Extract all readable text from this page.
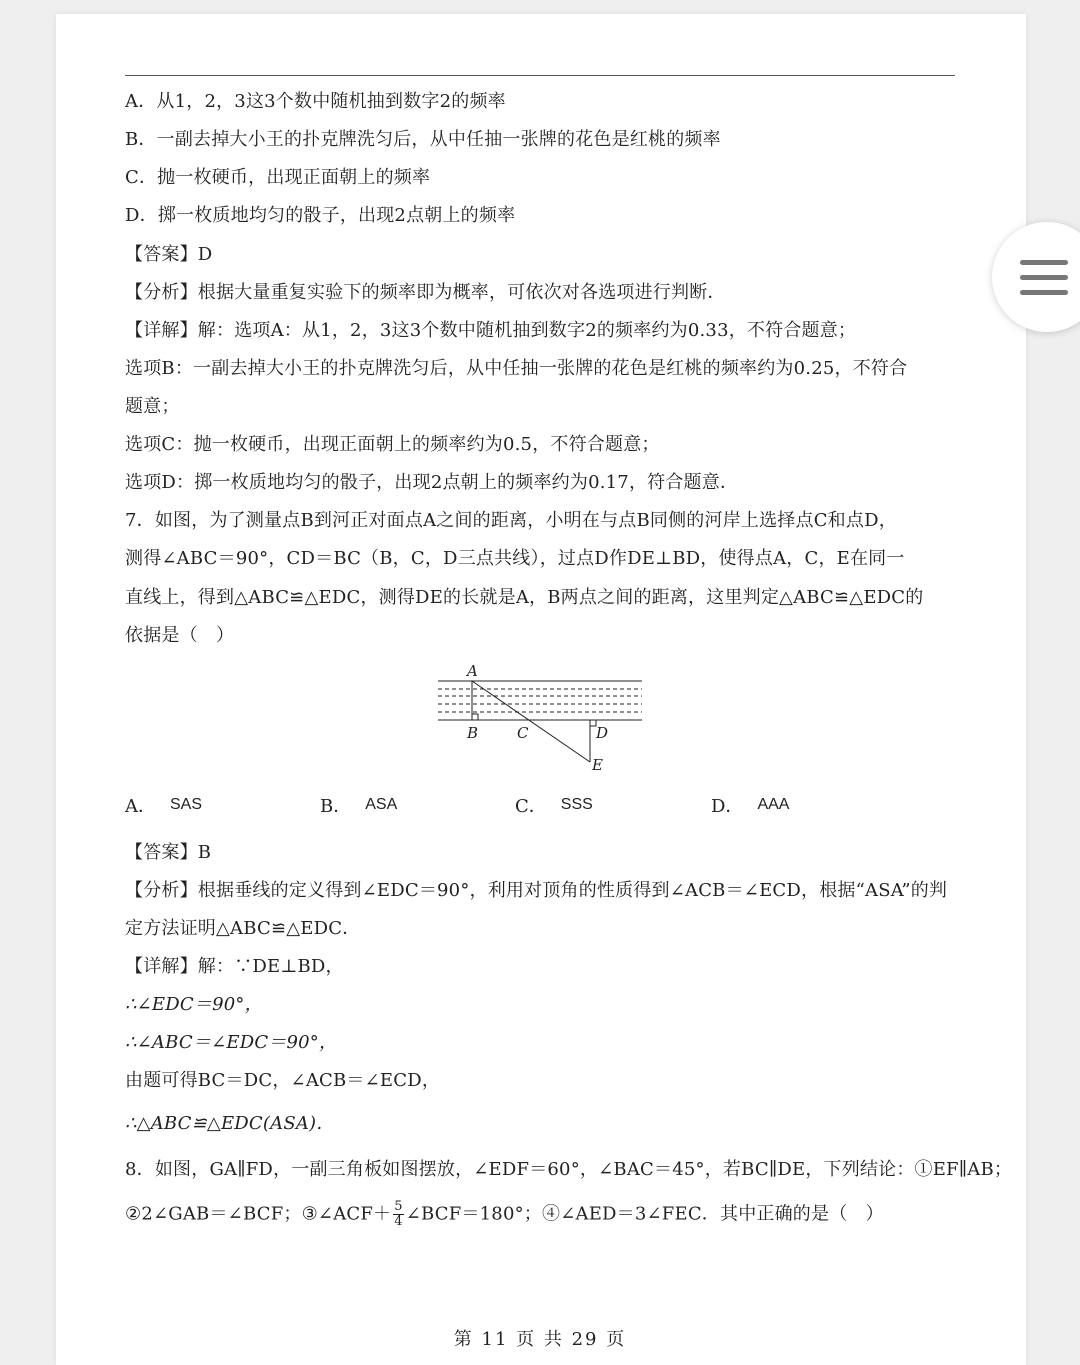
A．从1，2，3这3个数中随机抽到数字2的频率
B．一副去掉大小王的扑克牌洗匀后，从中任抽一张牌的花色是红桃的频率
C．抛一枚硬币，出现正面朝上的频率
D．掷一枚质地均匀的骰子，出现2点朝上的频率
【答案】D
【分析】根据大量重复实验下的频率即为概率，可依次对各选项进行判断．
【详解】解：选项A：从1，2，3这3个数中随机抽到数字2的频率约为0.33，不符合题意；
选项B：一副去掉大小王的扑克牌洗匀后，从中任抽一张牌的花色是红桃的频率约为0.25，不符合
题意；
选项C：抛一枚硬币，出现正面朝上的频率约为0.5，不符合题意；
选项D：掷一枚质地均匀的骰子，出现2点朝上的频率约为0.17，符合题意．
7．如图，为了测量点B到河正对面点A之间的距离，小明在与点B同侧的河岸上选择点C和点D，
测得∠ABC＝90°，CD＝BC（B，C，D三点共线），过点D作DE⊥BD，使得点A，C，E在同一
直线上，得到△ABC≌△EDC，测得DE的长就是A，B两点之间的距离，这里判定△ABC≌△EDC的
依据是（　）
A
B	C	D
E
A． SAS	B． ASA	C． SSS	D． AAA
【答案】B
【分析】根据垂线的定义得到∠EDC＝90°，利用对顶角的性质得到∠ACB＝∠ECD，根据“ASA”的判
定方法证明△ABC≌△EDC．
【详解】解：∵DE⊥BD，
∴∠EDC＝90°，
∴∠ABC＝∠EDC＝90°，
由题可得BC＝DC，∠ACB＝∠ECD，
∴△ABC≌△EDC(ASA)．
8．如图，GA∥FD，一副三角板如图摆放，∠EDF＝60°，∠BAC＝45°，若BC∥DE，下列结论：①EF∥AB；
②2∠GAB＝∠BCF；③∠ACF＋ $\frac{5}{4}$ ∠BCF＝180°；④∠AED＝3∠FEC．其中正确的是（　）
第 11 页 共 29 页
